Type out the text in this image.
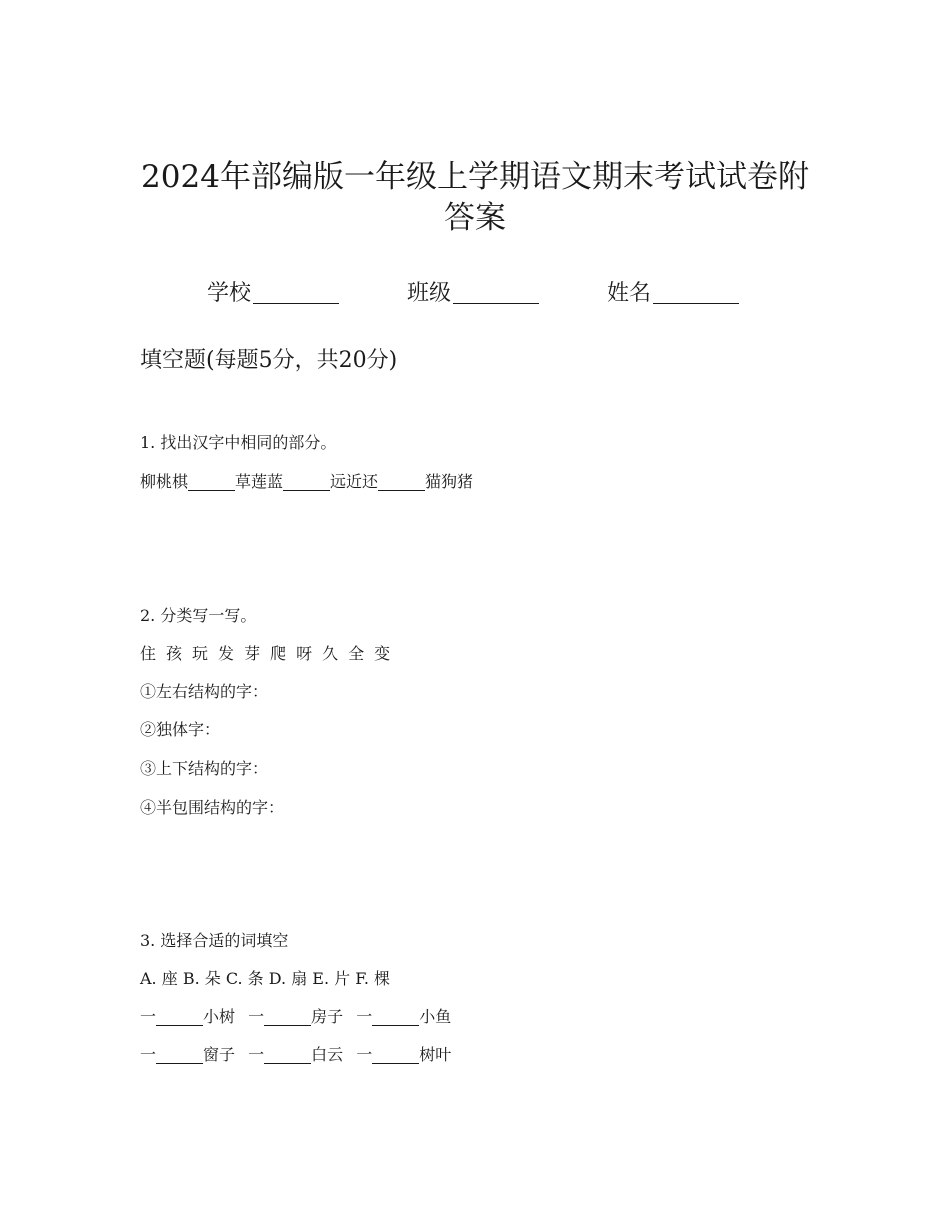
2024年部编版一年级上学期语文期末考试试卷附
答案
学校	班级	姓名
填空题(每题5分，共20分)
1. 找出汉字中相同的部分。
柳桃棋	草莲蓝	远近还	猫狗猪
2. 分类写一写。
住 孩 玩 发 芽 爬 呀 久 全 变
①左右结构的字：
②独体字：
③上下结构的字：
④半包围结构的字：
3. 选择合适的词填空
A. 座 B. 朵 C. 条 D. 扇 E. 片 F. 棵
一	小树 一	房子 一	小鱼
一	窗子 一	白云 一	树叶
